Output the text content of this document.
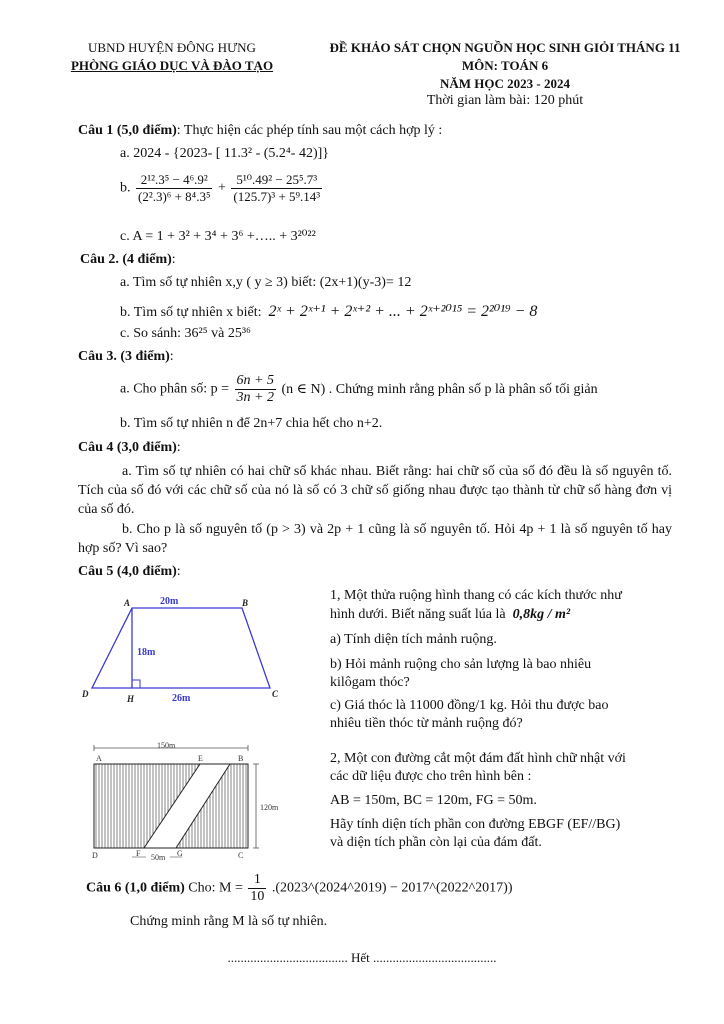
UBND HUYỆN ĐÔNG HƯNG
PHÒNG GIÁO DỤC VÀ ĐÀO TẠO
ĐỀ KHẢO SÁT CHỌN NGUỒN HỌC SINH GIỎI THÁNG 11
MÔN: TOÁN 6
NĂM HỌC 2023 - 2024
Thời gian làm bài: 120 phút
Câu 1 (5,0 điểm): Thực hiện các phép tính sau một cách hợp lý :
a. 2024 - {2023- [ 11.3² - (5.2⁴- 42)]}
b. $\frac{\text{2¹².3⁵ − 4⁶.9²}}{\text{(2².3)⁶ + 8⁴.3⁵}} + \frac{\text{5¹⁰.49² − 25⁵.7³}}{\text{(125.7)³ + 5⁹.14³}}$
c. A = 1 + 3² + 3⁴ + 3⁶ +….. + 3²⁰²²
Câu 2. (4 điểm):
a. Tìm số tự nhiên x,y ( y ≥ 3) biết: (2x+1)(y-3)= 12
b. Tìm số tự nhiên x biết: 2ˣ + 2ˣ⁺¹ + 2ˣ⁺² + ... + 2ˣ⁺²⁰¹⁵ = 2²⁰¹⁹ − 8
c. So sánh: 36²⁵ và 25³⁶
Câu 3. (3 điểm):
a. Cho phân số: $p = \frac{6n + 5}{3n + 2} (n$ ∈ N) . Chứng minh rằng phân số p là phân số tối giản
b. Tìm số tự nhiên n để 2n+7 chia hết cho n+2.
Câu 4 (3,0 điểm):
a. Tìm số tự nhiên có hai chữ số khác nhau. Biết rằng: hai chữ số của số đó đều là số nguyên tố. Tích của số đó với các chữ số của nó là số có 3 chữ số giống nhau được tạo thành từ chữ số hàng đơn vị của số đó.
b. Cho p là số nguyên tố (p > 3) và 2p + 1 cũng là số nguyên tố. Hỏi 4p + 1 là số nguyên tố hay hợp số? Vì sao?
Câu 5 (4,0 điểm):
A	B
C
D	H
20m
18m
26m
1, Một thửa ruộng hình thang có các kích thước như
hình dưới. Biết năng suất lúa là 0,8kg / m²
a) Tính diện tích mảnh ruộng.
b) Hỏi mảnh ruộng cho sản lượng là bao nhiêu
kilôgam thóc?
c) Giá thóc là 11000 đồng/1 kg. Hỏi thu được bao
nhiêu tiền thóc từ mảnh ruộng đó?
150m
120m
A	E	B
D	F	G	C
50m
2, Một con đường cắt một đám đất hình chữ nhật với
các dữ liệu được cho trên hình bên :
AB = 150m, BC = 120m, FG = 50m.
Hãy tính diện tích phần con đường EBGF (EF//BG)
và diện tích phần còn lại của đám đất.
Câu 6 (1,0 điểm) Cho: $M = \frac{1}{10}$ .(2023^(2024^2019) − 2017^(2022^2017))
Chứng minh rằng M là số tự nhiên.
..................................... Hết ......................................
